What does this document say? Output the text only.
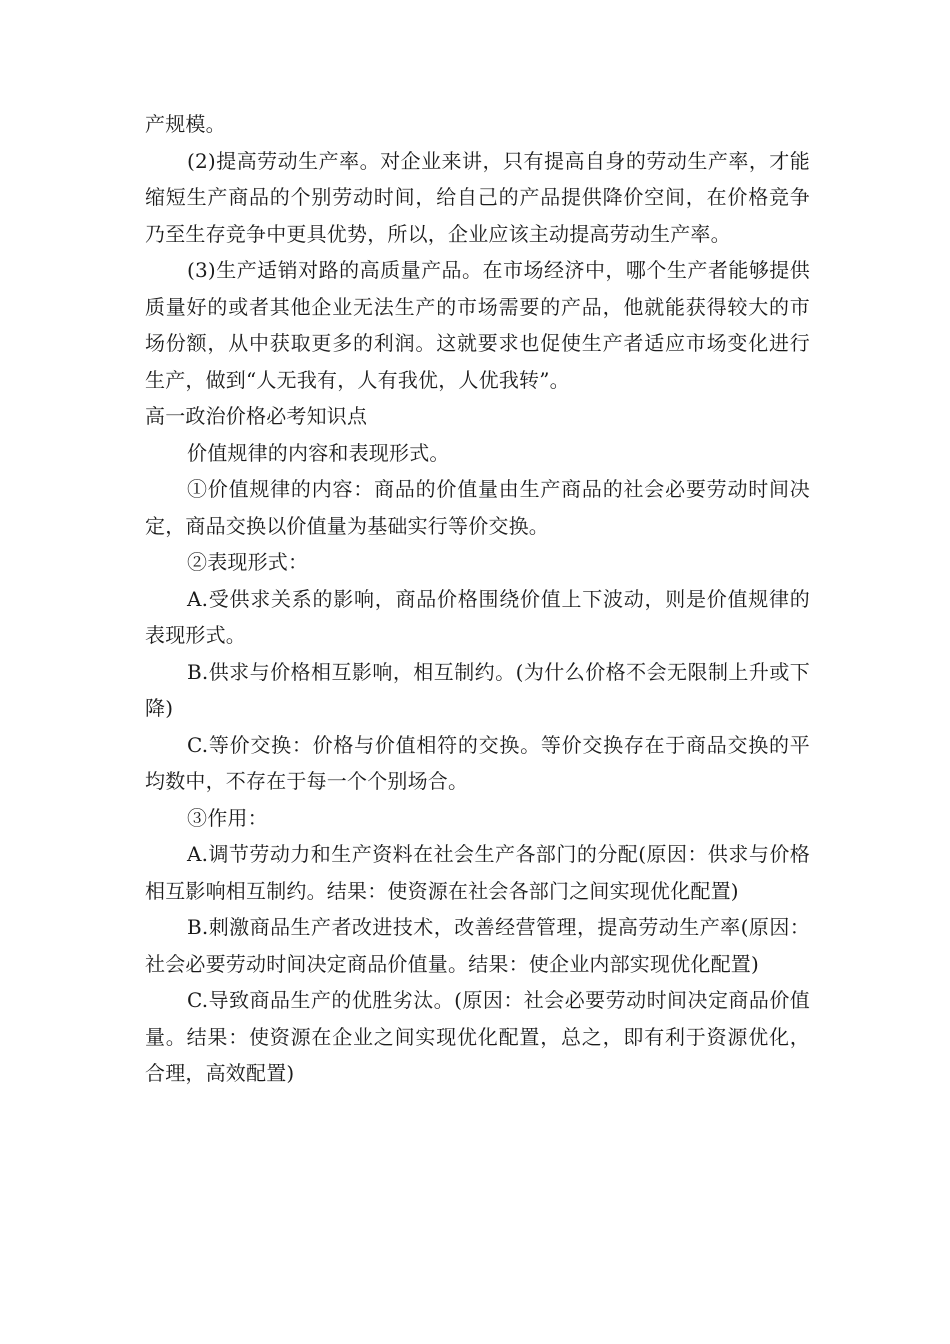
产规模。

(2)提高劳动生产率。对企业来讲，只有提高自身的劳动生产率，才能缩短生产商品的个别劳动时间，给自己的产品提供降价空间，在价格竞争乃至生存竞争中更具优势，所以，企业应该主动提高劳动生产率。

(3)生产适销对路的高质量产品。在市场经济中，哪个生产者能够提供质量好的或者其他企业无法生产的市场需要的产品，他就能获得较大的市场份额，从中获取更多的利润。这就要求也促使生产者适应市场变化进行生产，做到“人无我有，人有我优，人优我转”。

高一政治价格必考知识点

价值规律的内容和表现形式。

①价值规律的内容：商品的价值量由生产商品的社会必要劳动时间决定，商品交换以价值量为基础实行等价交换。

②表现形式：

A.受供求关系的影响，商品价格围绕价值上下波动，则是价值规律的表现形式。

B.供求与价格相互影响，相互制约。(为什么价格不会无限制上升或下降)

C.等价交换：价格与价值相符的交换。等价交换存在于商品交换的平均数中，不存在于每一个个别场合。

③作用：

A.调节劳动力和生产资料在社会生产各部门的分配(原因：供求与价格相互影响相互制约。结果：使资源在社会各部门之间实现优化配置)

B.刺激商品生产者改进技术，改善经营管理，提高劳动生产率(原因：社会必要劳动时间决定商品价值量。结果：使企业内部实现优化配置)

C.导致商品生产的优胜劣汰。(原因：社会必要劳动时间决定商品价值量。结果：使资源在企业之间实现优化配置，总之，即有利于资源优化，合理，高效配置)
